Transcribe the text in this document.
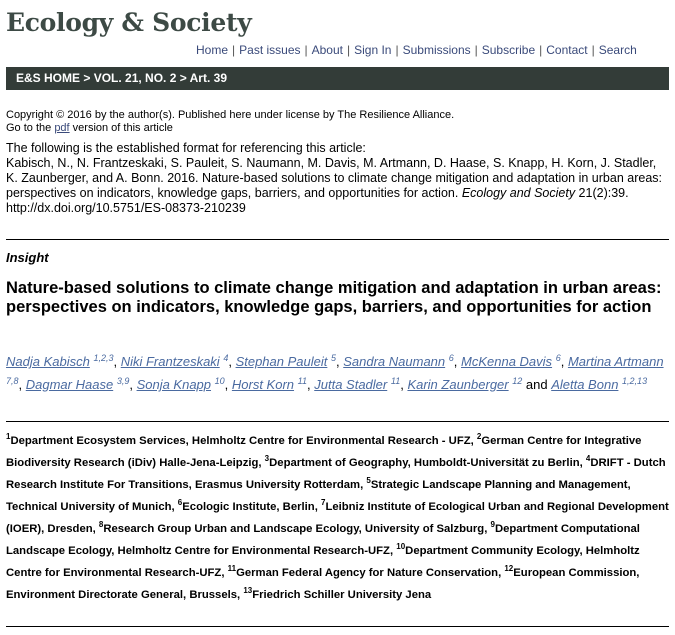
Ecology & Society
Home | Past issues | About | Sign In | Submissions | Subscribe | Contact | Search
E&S HOME > VOL. 21, NO. 2 > Art. 39
Copyright © 2016 by the author(s). Published here under license by The Resilience Alliance.
Go to the pdf version of this article
The following is the established format for referencing this article:
Kabisch, N., N. Frantzeskaki, S. Pauleit, S. Naumann, M. Davis, M. Artmann, D. Haase, S. Knapp, H. Korn, J. Stadler, K. Zaunberger, and A. Bonn. 2016. Nature-based solutions to climate change mitigation and adaptation in urban areas: perspectives on indicators, knowledge gaps, barriers, and opportunities for action. Ecology and Society 21(2):39.
http://dx.doi.org/10.5751/ES-08373-210239
Insight
Nature-based solutions to climate change mitigation and adaptation in urban areas: perspectives on indicators, knowledge gaps, barriers, and opportunities for action
Nadja Kabisch $^{1,2,3}$, Niki Frantzeskaki $^4$, Stephan Pauleit $^5$, Sandra Naumann $^6$, McKenna Davis $^6$, Martina Artmann $^{7,8}$, Dagmar Haase $^{3,9}$, Sonja Knapp $^{10}$, Horst Korn $^{11}$, Jutta Stadler $^{11}$, Karin Zaunberger $^{12}$ and Aletta Bonn $^{1,2,13}$
$^1$Department Ecosystem Services, Helmholtz Centre for Environmental Research - UFZ, $^2$German Centre for Integrative Biodiversity Research (iDiv) Halle-Jena-Leipzig, $^3$Department of Geography, Humboldt-Universität zu Berlin, $^4$DRIFT - Dutch Research Institute For Transitions, Erasmus University Rotterdam, $^5$Strategic Landscape Planning and Management, Technical University of Munich, $^6$Ecologic Institute, Berlin, $^7$Leibniz Institute of Ecological Urban and Regional Development (IOER), Dresden, $^8$Research Group Urban and Landscape Ecology, University of Salzburg, $^9$Department Computational Landscape Ecology, Helmholtz Centre for Environmental Research-UFZ, $^{10}$Department Community Ecology, Helmholtz Centre for Environmental Research-UFZ, $^{11}$German Federal Agency for Nature Conservation, $^{12}$European Commission, Environment Directorate General, Brussels, $^{13}$Friedrich Schiller University Jena
